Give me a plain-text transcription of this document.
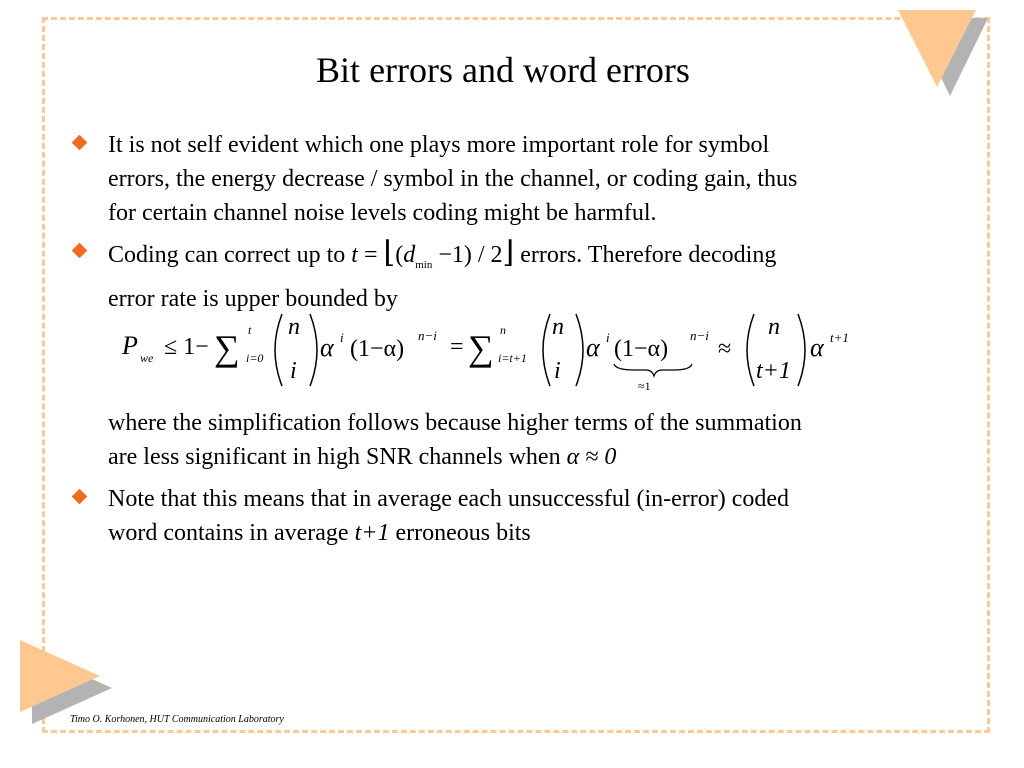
Bit errors and word errors
It is not self evident which one plays more important role for symbol
errors, the energy decrease / symbol in the channel, or coding gain, thus
for certain channel noise levels coding might be harmful.
Coding can correct up to $t = ⌊(d_{min} -1)$ / 2⌋ errors. Therefore decoding
error rate is upper bounded by
P we ≤ 1− ∑ t
i=0
n
i
α i (1−α)
n−i = ∑ n
i=t+1
n
i
α i (1−α)
n−i
≈1
≈
n
t+1
α t+1
where the simplification follows because higher terms of the summation
are less significant in high SNR channels when α ≈ 0
Note that this means that in average each unsuccessful (in-error) coded
word contains in average t+1 erroneous bits
Timo O. Korhonen, HUT Communication Laboratory
